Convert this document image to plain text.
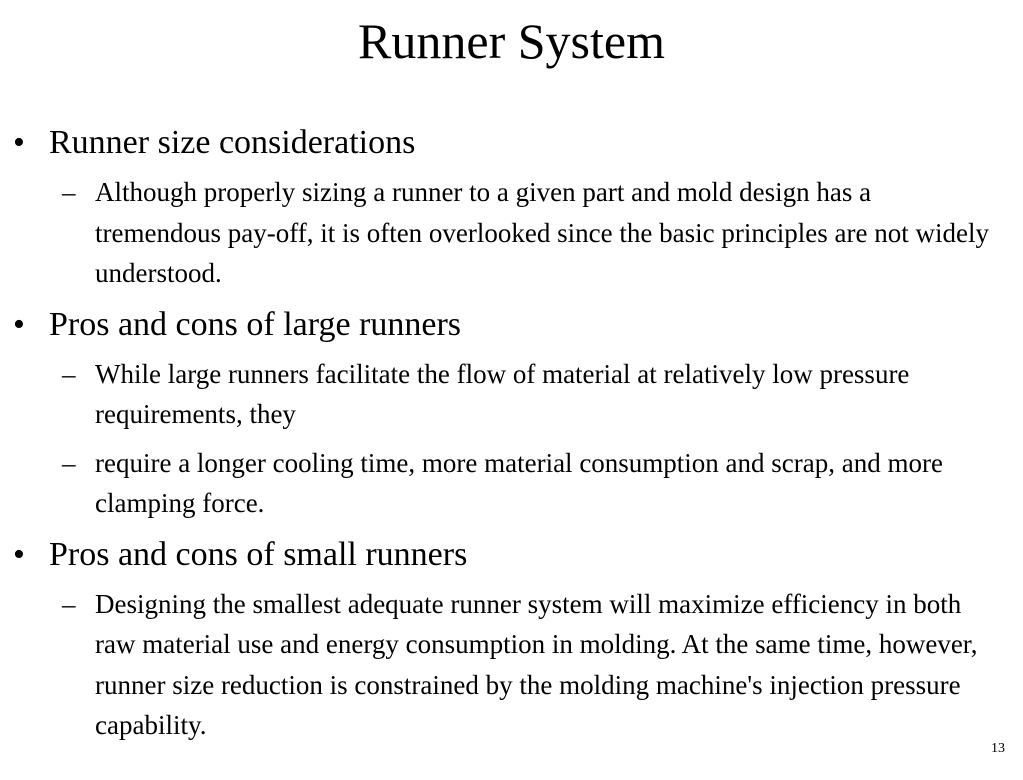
Runner System
• Runner size considerations
– Although properly sizing a runner to a given part and mold design has a tremendous pay-off, it is often overlooked since the basic principles are not widely understood.
• Pros and cons of large runners
– While large runners facilitate the flow of material at relatively low pressure requirements, they
– require a longer cooling time, more material consumption and scrap, and more clamping force.
• Pros and cons of small runners
– Designing the smallest adequate runner system will maximize efficiency in both raw material use and energy consumption in molding. At the same time, however, runner size reduction is constrained by the molding machine's injection pressure capability.
13
